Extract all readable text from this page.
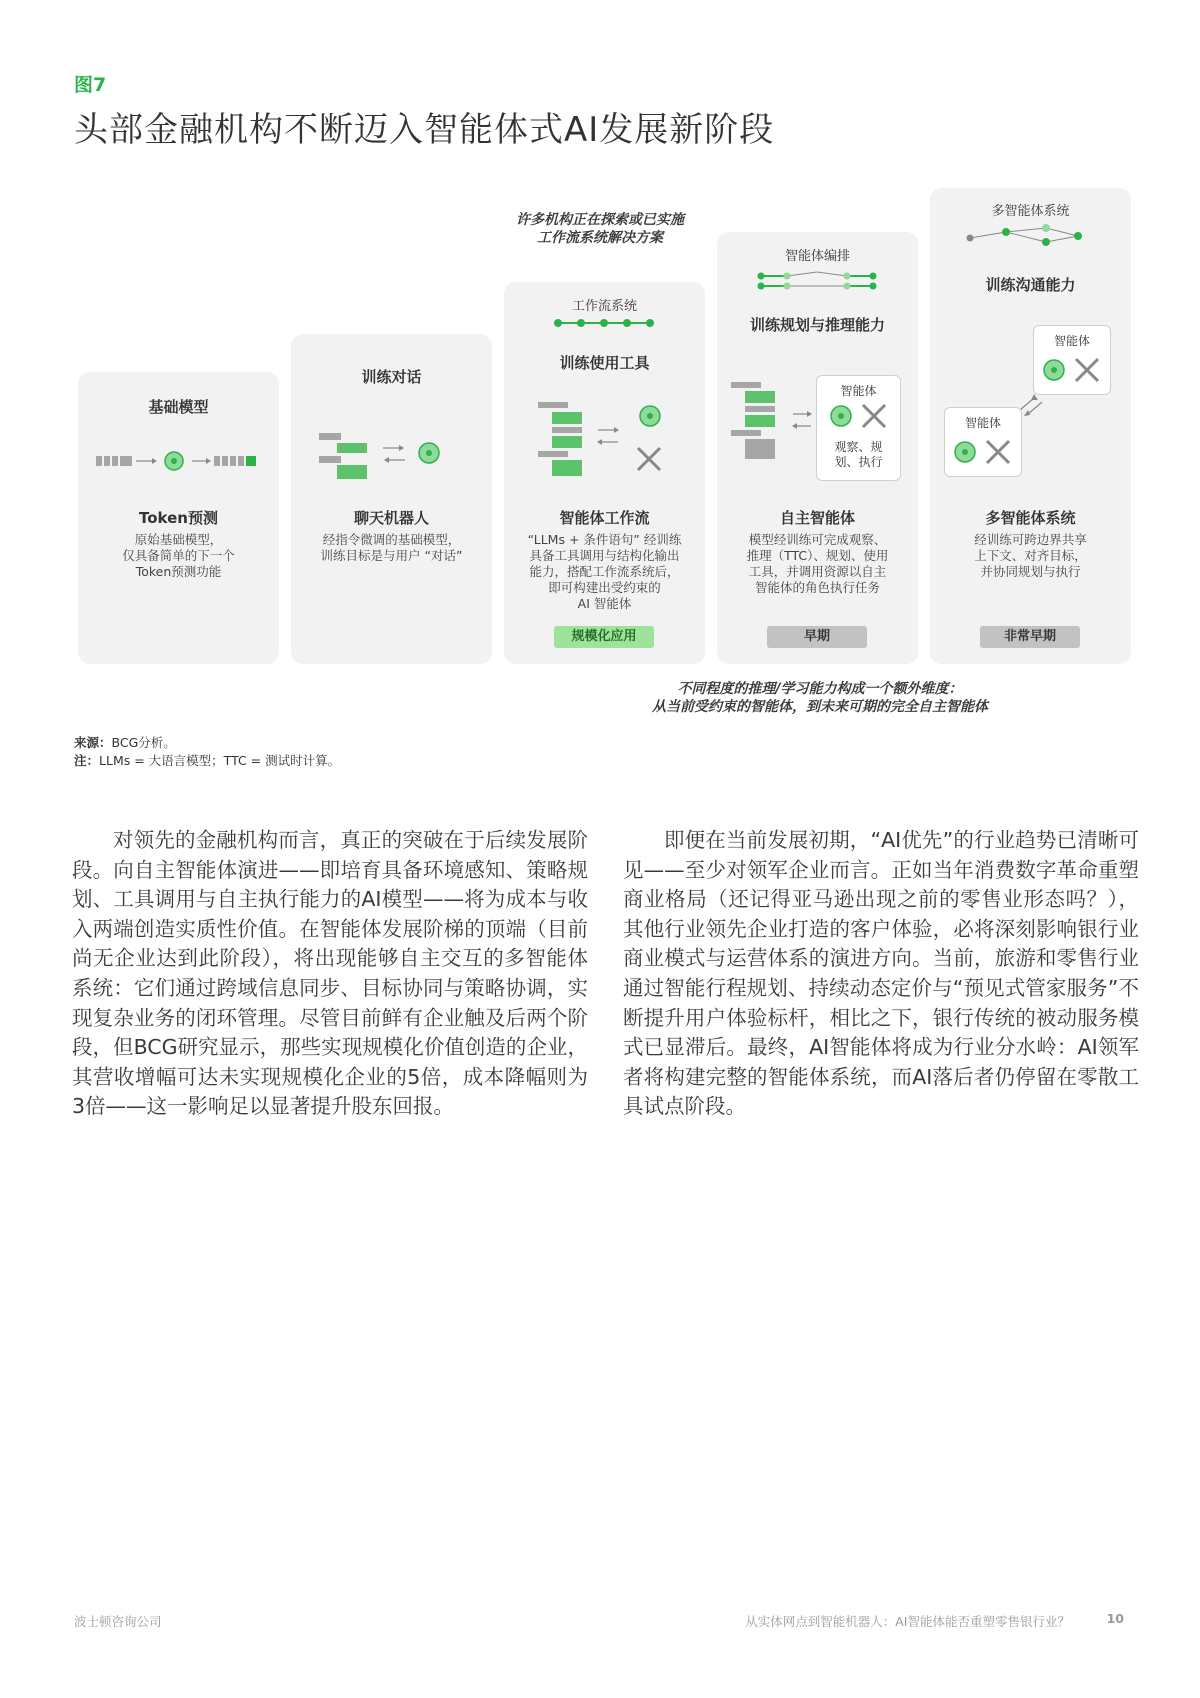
图7
头部金融机构不断迈入智能体式AI发展新阶段
许多机构正在探索或已实施
工作流系统解决方案
基础模型
Token预测
原始基础模型，
仅具备简单的下一个
Token预测功能
训练对话
聊天机器人
经指令微调的基础模型，
训练目标是与用户 “对话”
工作流系统
训练使用工具
智能体工作流
“LLMs + 条件语句” 经训练
具备工具调用与结构化输出
能力，搭配工作流系统后，
即可构建出受约束的
AI 智能体
规模化应用
智能体编排
训练规划与推理能力
智能体
观察、规
划、执行
自主智能体
模型经训练可完成观察、
推理（TTC）、规划、使用
工具，并调用资源以自主
智能体的角色执行任务
早期
多智能体系统
训练沟通能力
智能体
智能体
多智能体系统
经训练可跨边界共享
上下文、对齐目标，
并协同规划与执行
非常早期
不同程度的推理/学习能力构成一个额外维度：
从当前受约束的智能体，到未来可期的完全自主智能体
来源：BCG分析。
注：LLMs = 大语言模型；TTC = 测试时计算。

对领先的金融机构而言，真正的突破在于后续发展阶段。向自主智能体演进——即培育具备环境感知、策略规划、工具调用与自主执行能力的AI模型——将为成本与收入两端创造实质性价值。在智能体发展阶梯的顶端（目前尚无企业达到此阶段），将出现能够自主交互的多智能体系统：它们通过跨域信息同步、目标协同与策略协调，实现复杂业务的闭环管理。尽管目前鲜有企业触及后两个阶段，但BCG研究显示，那些实现规模化价值创造的企业，其营收增幅可达未实现规模化企业的5倍，成本降幅则为3倍——这一影响足以显著提升股东回报。

即便在当前发展初期，“AI优先”的行业趋势已清晰可见——至少对领军企业而言。正如当年消费数字革命重塑商业格局（还记得亚马逊出现之前的零售业形态吗？），其他行业领先企业打造的客户体验，必将深刻影响银行业商业模式与运营体系的演进方向。当前，旅游和零售行业通过智能行程规划、持续动态定价与“预见式管家服务”不断提升用户体验标杆，相比之下，银行传统的被动服务模式已显滞后。最终，AI智能体将成为行业分水岭：AI领军者将构建完整的智能体系统，而AI落后者仍停留在零散工具试点阶段。

波士顿咨询公司	从实体网点到智能机器人：AI智能体能否重塑零售银行业？	10
